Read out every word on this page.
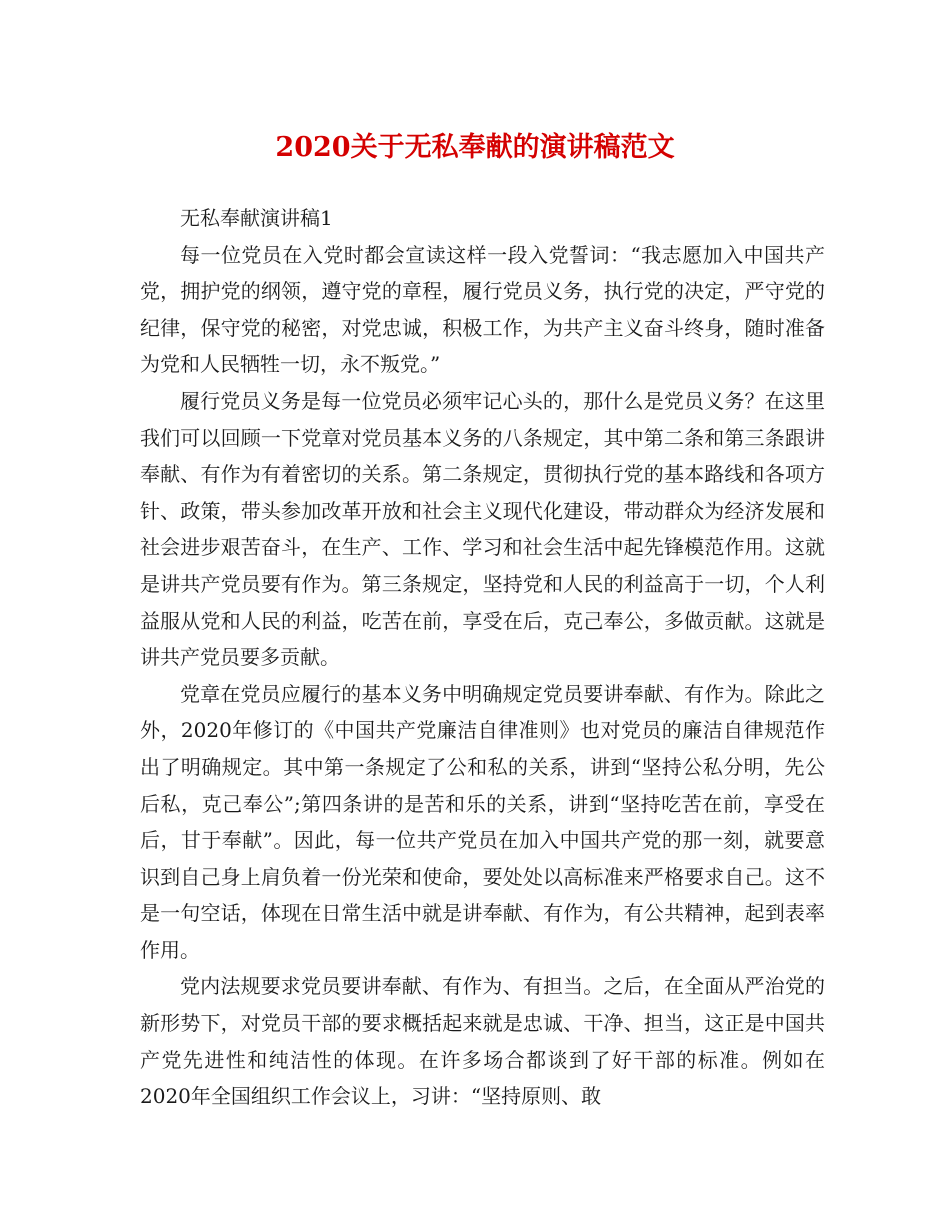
2020关于无私奉献的演讲稿范文

无私奉献演讲稿1

每一位党员在入党时都会宣读这样一段入党誓词：“我志愿加入中国共产党，拥护党的纲领，遵守党的章程，履行党员义务，执行党的决定，严守党的纪律，保守党的秘密，对党忠诚，积极工作，为共产主义奋斗终身，随时准备为党和人民牺牲一切，永不叛党。”

履行党员义务是每一位党员必须牢记心头的，那什么是党员义务？在这里我们可以回顾一下党章对党员基本义务的八条规定，其中第二条和第三条跟讲奉献、有作为有着密切的关系。第二条规定，贯彻执行党的基本路线和各项方针、政策，带头参加改革开放和社会主义现代化建设，带动群众为经济发展和社会进步艰苦奋斗，在生产、工作、学习和社会生活中起先锋模范作用。这就是讲共产党员要有作为。第三条规定，坚持党和人民的利益高于一切，个人利益服从党和人民的利益，吃苦在前，享受在后，克己奉公，多做贡献。这就是讲共产党员要多贡献。

党章在党员应履行的基本义务中明确规定党员要讲奉献、有作为。除此之外，2020年修订的《中国共产党廉洁自律准则》也对党员的廉洁自律规范作出了明确规定。其中第一条规定了公和私的关系，讲到“坚持公私分明，先公后私，克己奉公”;第四条讲的是苦和乐的关系，讲到“坚持吃苦在前，享受在后，甘于奉献”。因此，每一位共产党员在加入中国共产党的那一刻，就要意识到自己身上肩负着一份光荣和使命，要处处以高标准来严格要求自己。这不是一句空话，体现在日常生活中就是讲奉献、有作为，有公共精神，起到表率作用。

党内法规要求党员要讲奉献、有作为、有担当。之后，在全面从严治党的新形势下，对党员干部的要求概括起来就是忠诚、干净、担当，这正是中国共产党先进性和纯洁性的体现。在许多场合都谈到了好干部的标准。例如在2020年全国组织工作会议上，习讲：“坚持原则、敢
